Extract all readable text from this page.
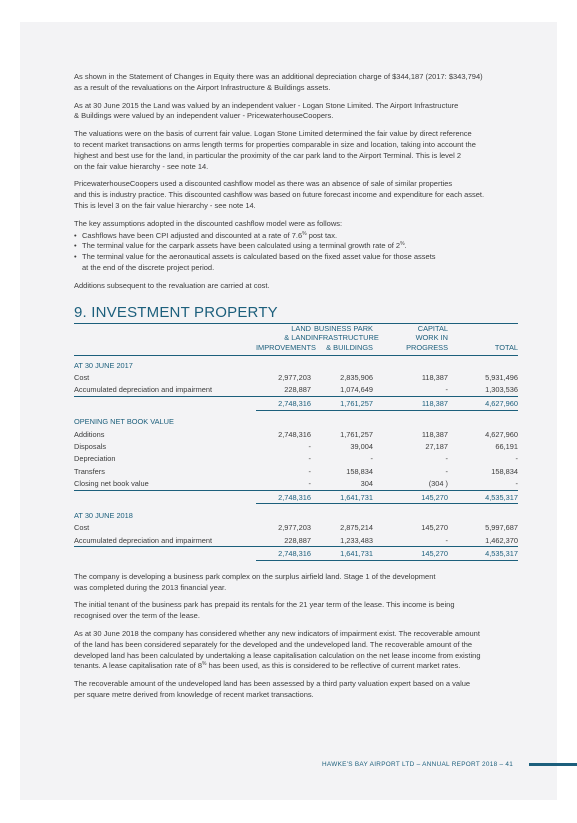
As shown in the Statement of Changes in Equity there was an additional depreciation charge of $344,187 (2017: $343,794)
as a result of the revaluations on the Airport Infrastructure & Buildings assets.

As at 30 June 2015 the Land was valued by an independent valuer - Logan Stone Limited. The Airport Infrastructure
& Buildings were valued by an independent valuer - PricewaterhouseCoopers.

The valuations were on the basis of current fair value. Logan Stone Limited determined the fair value by direct reference
to recent market transactions on arms length terms for properties comparable in size and location, taking into account the
highest and best use for the land, in particular the proximity of the car park land to the Airport Terminal. This is level 2
on the fair value hierarchy - see note 14.

PricewaterhouseCoopers used a discounted cashflow model as there was an absence of sale of similar properties
and this is industry practice. This discounted cashflow was based on future forecast income and expenditure for each asset.
This is level 3 on the fair value hierarchy - see note 14.

The key assumptions adopted in the discounted cashflow model were as follows:

• Cashflows have been CPI adjusted and discounted at a rate of 7.6% post tax.
• The terminal value for the carpark assets have been calculated using a terminal growth rate of 2%.
• The terminal value for the aeronautical assets is calculated based on the fixed asset value for those assets
at the end of the discrete project period.

Additions subsequent to the revaluation are carried at cost.

9. INVESTMENT PROPERTY
	LAND	BUSINESS PARK	CAPITAL	
	& LAND	INFRASTRUCTURE	WORK IN	
	IMPROVEMENTS	& BUILDINGS	PROGRESS	TOTAL

AT 30 JUNE 2017				
Cost	2,977,203	2,835,906	118,387	5,931,496
Accumulated depreciation and impairment	228,887	1,074,649	-	1,303,536
	2,748,316	1,761,257	118,387	4,627,960

OPENING NET BOOK VALUE				
Additions	2,748,316	1,761,257	118,387	4,627,960
Disposals	-	39,004	27,187	66,191
Depreciation	-	-	-	-
Transfers	-	158,834	-	158,834
Closing net book value	-	304	(304 )	-
	2,748,316	1,641,731	145,270	4,535,317

AT 30 JUNE 2018				
Cost	2,977,203	2,875,214	145,270	5,997,687
Accumulated depreciation and impairment	228,887	1,233,483	-	1,462,370
	2,748,316	1,641,731	145,270	4,535,317

The company is developing a business park complex on the surplus airfield land. Stage 1 of the development
was completed during the 2013 financial year.

The initial tenant of the business park has prepaid its rentals for the 21 year term of the lease. This income is being
recognised over the term of the lease.

As at 30 June 2018 the company has considered whether any new indicators of impairment exist. The recoverable amount
of the land has been considered separately for the developed and the undeveloped land. The recoverable amount of the
developed land has been calculated by undertaking a lease capitalisation calculation on the net lease income from existing
tenants. A lease capitalisation rate of 8% has been used, as this is considered to be reflective of current market rates.

The recoverable amount of the undeveloped land has been assessed by a third party valuation expert based on a value
per square metre derived from knowledge of recent market transactions.

HAWKE'S BAY AIRPORT LTD – ANNUAL REPORT 2018 – 41
